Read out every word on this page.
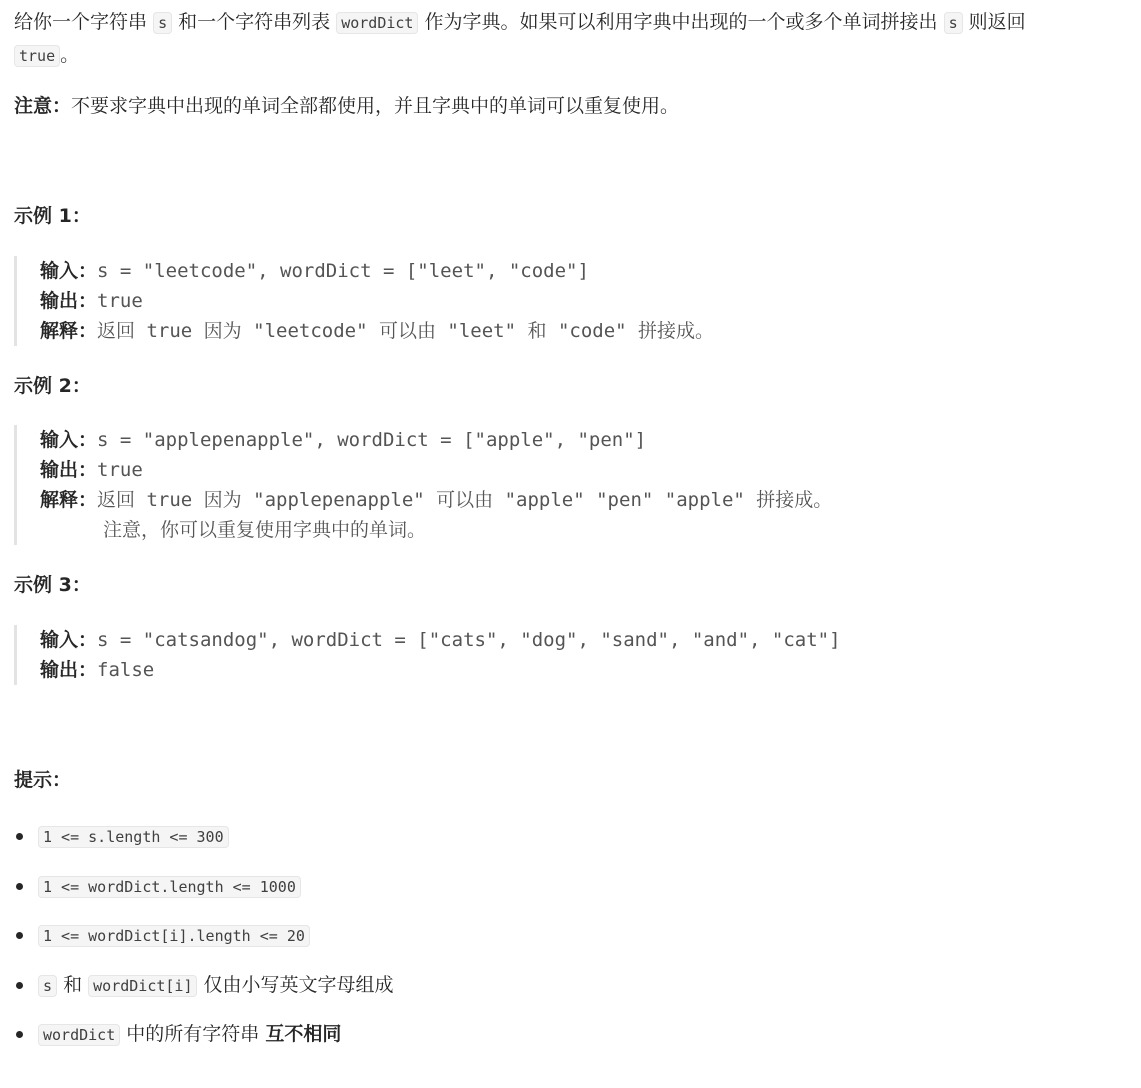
给你一个字符串 s 和一个字符串列表 wordDict 作为字典。如果可以利用字典中出现的一个或多个单词拼接出 s 则返回
true 。

注意：不要求字典中出现的单词全部都使用，并且字典中的单词可以重复使用。

示例 1：
输入：s = "leetcode", wordDict = ["leet", "code"]
输出：true
解释：返回 true 因为 "leetcode" 可以由 "leet" 和 "code" 拼接成。
示例 2：
输入：s = "applepenapple", wordDict = ["apple", "pen"]
输出：true
解释：返回 true 因为 "applepenapple" 可以由 "apple" "pen" "apple" 拼接成。
注意，你可以重复使用字典中的单词。
示例 3：
输入：s = "catsandog", wordDict = ["cats", "dog", "sand", "and", "cat"]
输出：false
提示：
1 <= s.length <= 300
1 <= wordDict.length <= 1000
1 <= wordDict[i].length <= 20
s 和 wordDict[i] 仅由小写英文字母组成
wordDict 中的所有字符串 互不相同
